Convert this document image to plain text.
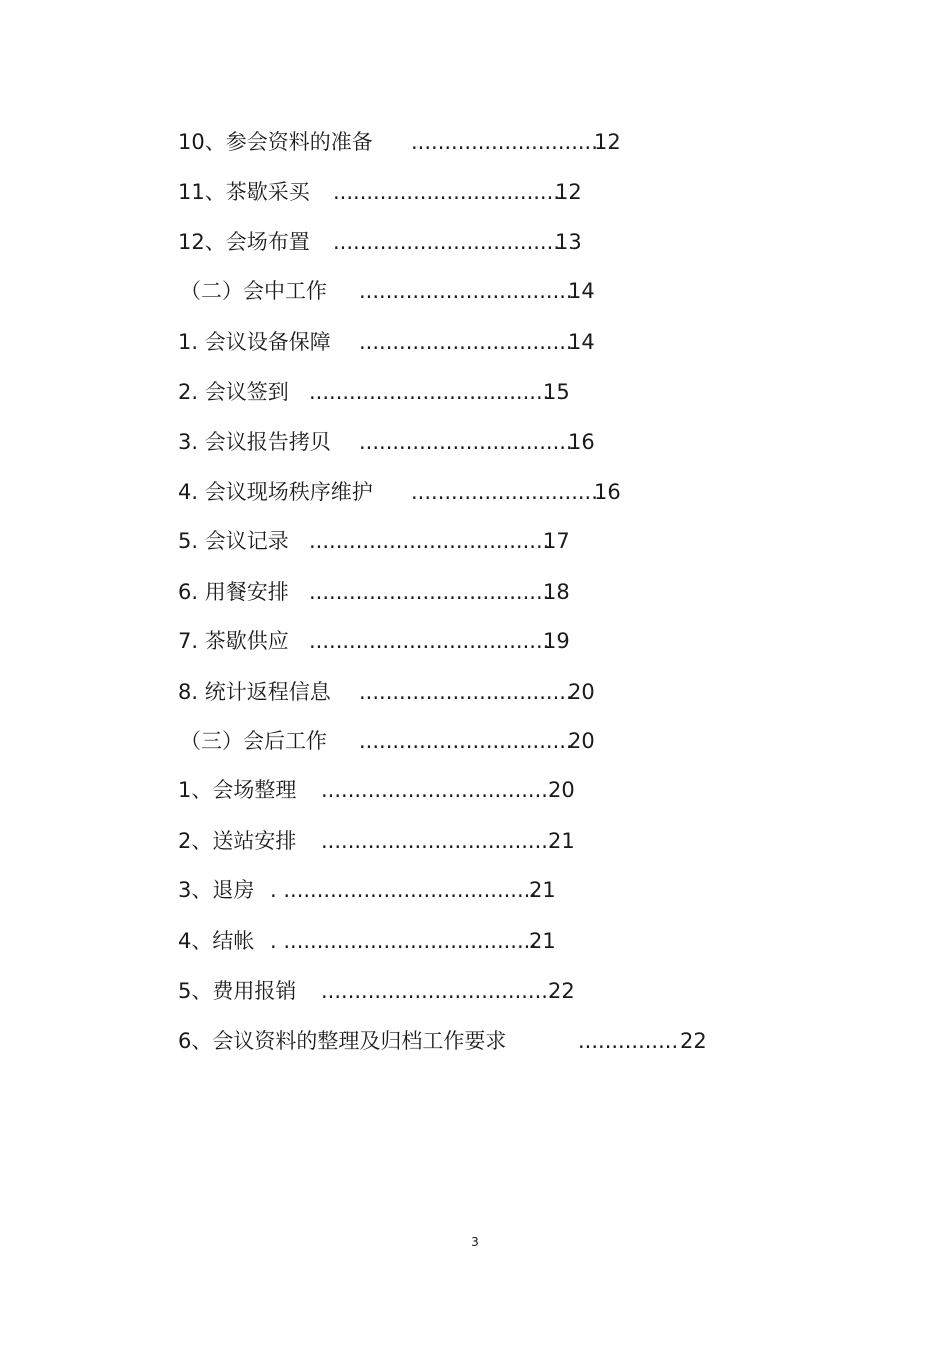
10、参会资料的准备 ............................
12
11、茶歇采买 ..................................
12
12、会场布置 ..................................
13
（二）会中工作 ................................
14
1. 会议设备保障 ................................
14
2. 会议签到 ....................................
15
3. 会议报告拷贝 ................................
16
4. 会议现场秩序维护 ............................
16
5. 会议记录 ....................................
17
6. 用餐安排 ....................................
18
7. 茶歇供应 ....................................
19
8. 统计返程信息 ................................
20
（三）会后工作 ................................
20
1、会场整理 ...................................
20
2、送站安排 ...................................
21
3、退房 . ......................................
21
4、结帐 . ......................................
21
5、费用报销 ...................................
22
6、会议资料的整理及归档工作要求	............... 22
3
